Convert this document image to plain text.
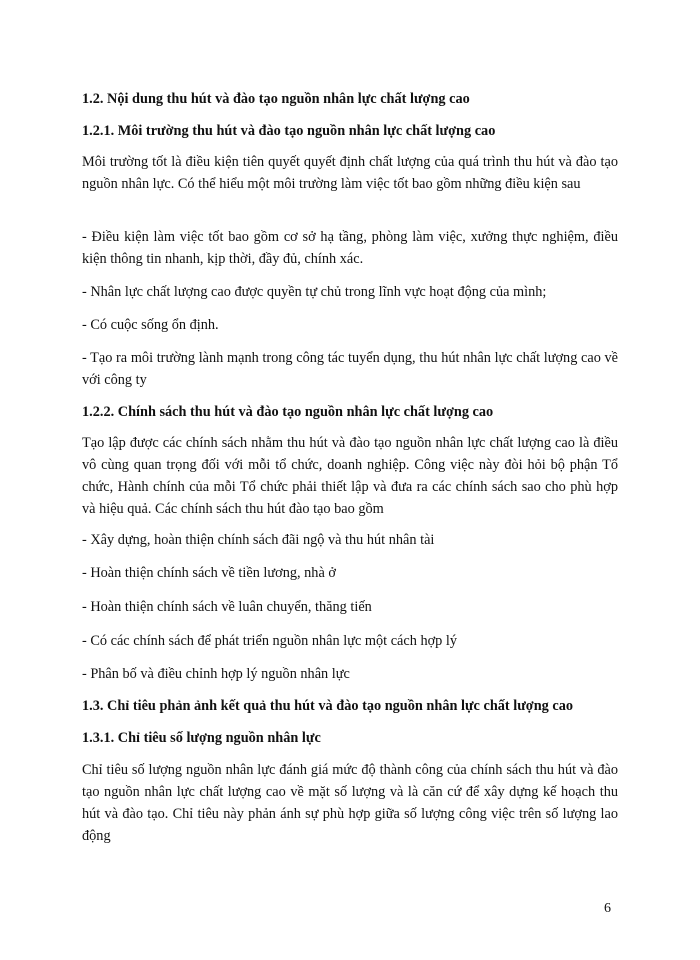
1.2. Nội dung thu hút và đào tạo nguồn nhân lực chất lượng cao

1.2.1. Môi trường thu hút và đào tạo nguồn nhân lực chất lượng cao

Môi trường tốt là điều kiện tiên quyết quyết định chất lượng của quá trình thu hút và đào tạo nguồn nhân lực. Có thể hiểu một môi trường làm việc tốt bao gồm những điều kiện sau

- Điều kiện làm việc tốt bao gồm cơ sở hạ tầng, phòng làm việc, xưởng thực nghiệm, điều kiện thông tin nhanh, kịp thời, đầy đủ, chính xác.

- Nhân lực chất lượng cao được quyền tự chủ trong lĩnh vực hoạt động của mình;

- Có cuộc sống ổn định.

- Tạo ra môi trường lành mạnh trong công tác tuyển dụng, thu hút nhân lực chất lượng cao về với công ty

1.2.2. Chính sách thu hút và đào tạo nguồn nhân lực chất lượng cao

Tạo lập được các chính sách nhằm thu hút và đào tạo nguồn nhân lực chất lượng cao là điều vô cùng quan trọng đối với mỗi tổ chức, doanh nghiệp. Công việc này đòi hỏi bộ phận Tổ chức, Hành chính của mỗi Tổ chức phải thiết lập và đưa ra các chính sách sao cho phù hợp và hiệu quả. Các chính sách thu hút đào tạo bao gồm

- Xây dựng, hoàn thiện chính sách đãi ngộ và thu hút nhân tài

- Hoàn thiện chính sách về tiền lương, nhà ở

- Hoàn thiện chính sách về luân chuyển, thăng tiến

- Có các chính sách để phát triển nguồn nhân lực một cách hợp lý

- Phân bố và điều chỉnh hợp lý nguồn nhân lực

1.3. Chỉ tiêu phản ảnh kết quả thu hút và đào tạo nguồn nhân lực chất lượng cao

1.3.1. Chỉ tiêu số lượng nguồn nhân lực

Chỉ tiêu số lượng nguồn nhân lực đánh giá mức độ thành công của chính sách thu hút và đào tạo nguồn nhân lực chất lượng cao về mặt số lượng và là căn cứ để xây dựng kế hoạch thu hút và đào tạo. Chỉ tiêu này phản ánh sự phù hợp giữa số lượng công việc trên số lượng lao động

6
